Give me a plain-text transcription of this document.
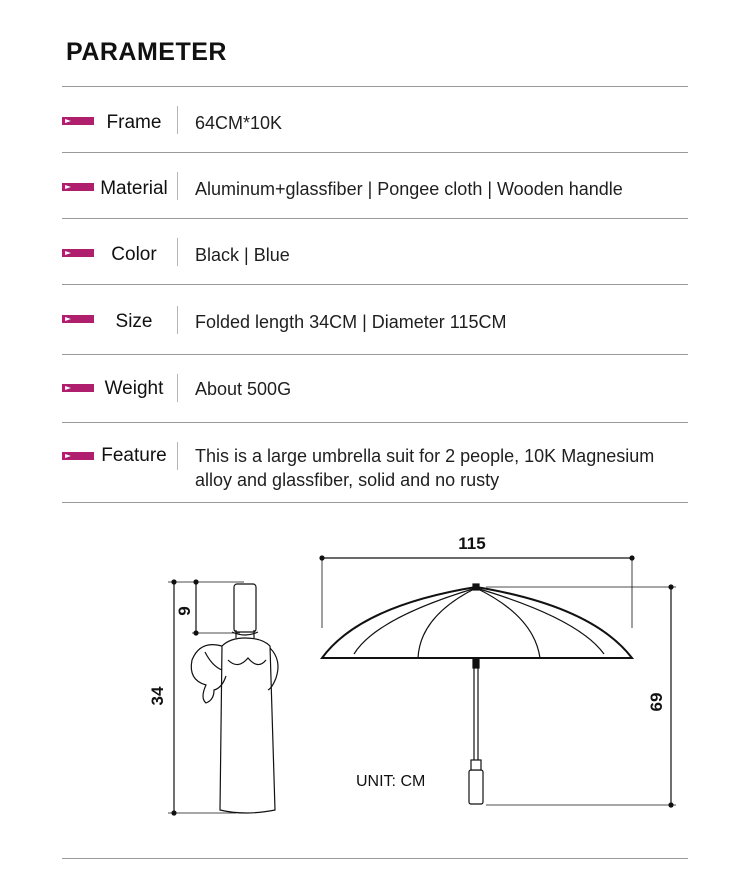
PARAMETER
Frame	64CM*10K
Material Aluminum+glassfiber | Pongee cloth | Wooden handle
Color	Black | Blue
Size	Folded length 34CM | Diameter 115CM
Weight	About 500G
Feature This is a large umbrella suit for 2 people, 10K Magnesium alloy and glassfiber, solid and no rusty
34
9
115
69
UNIT: CM
